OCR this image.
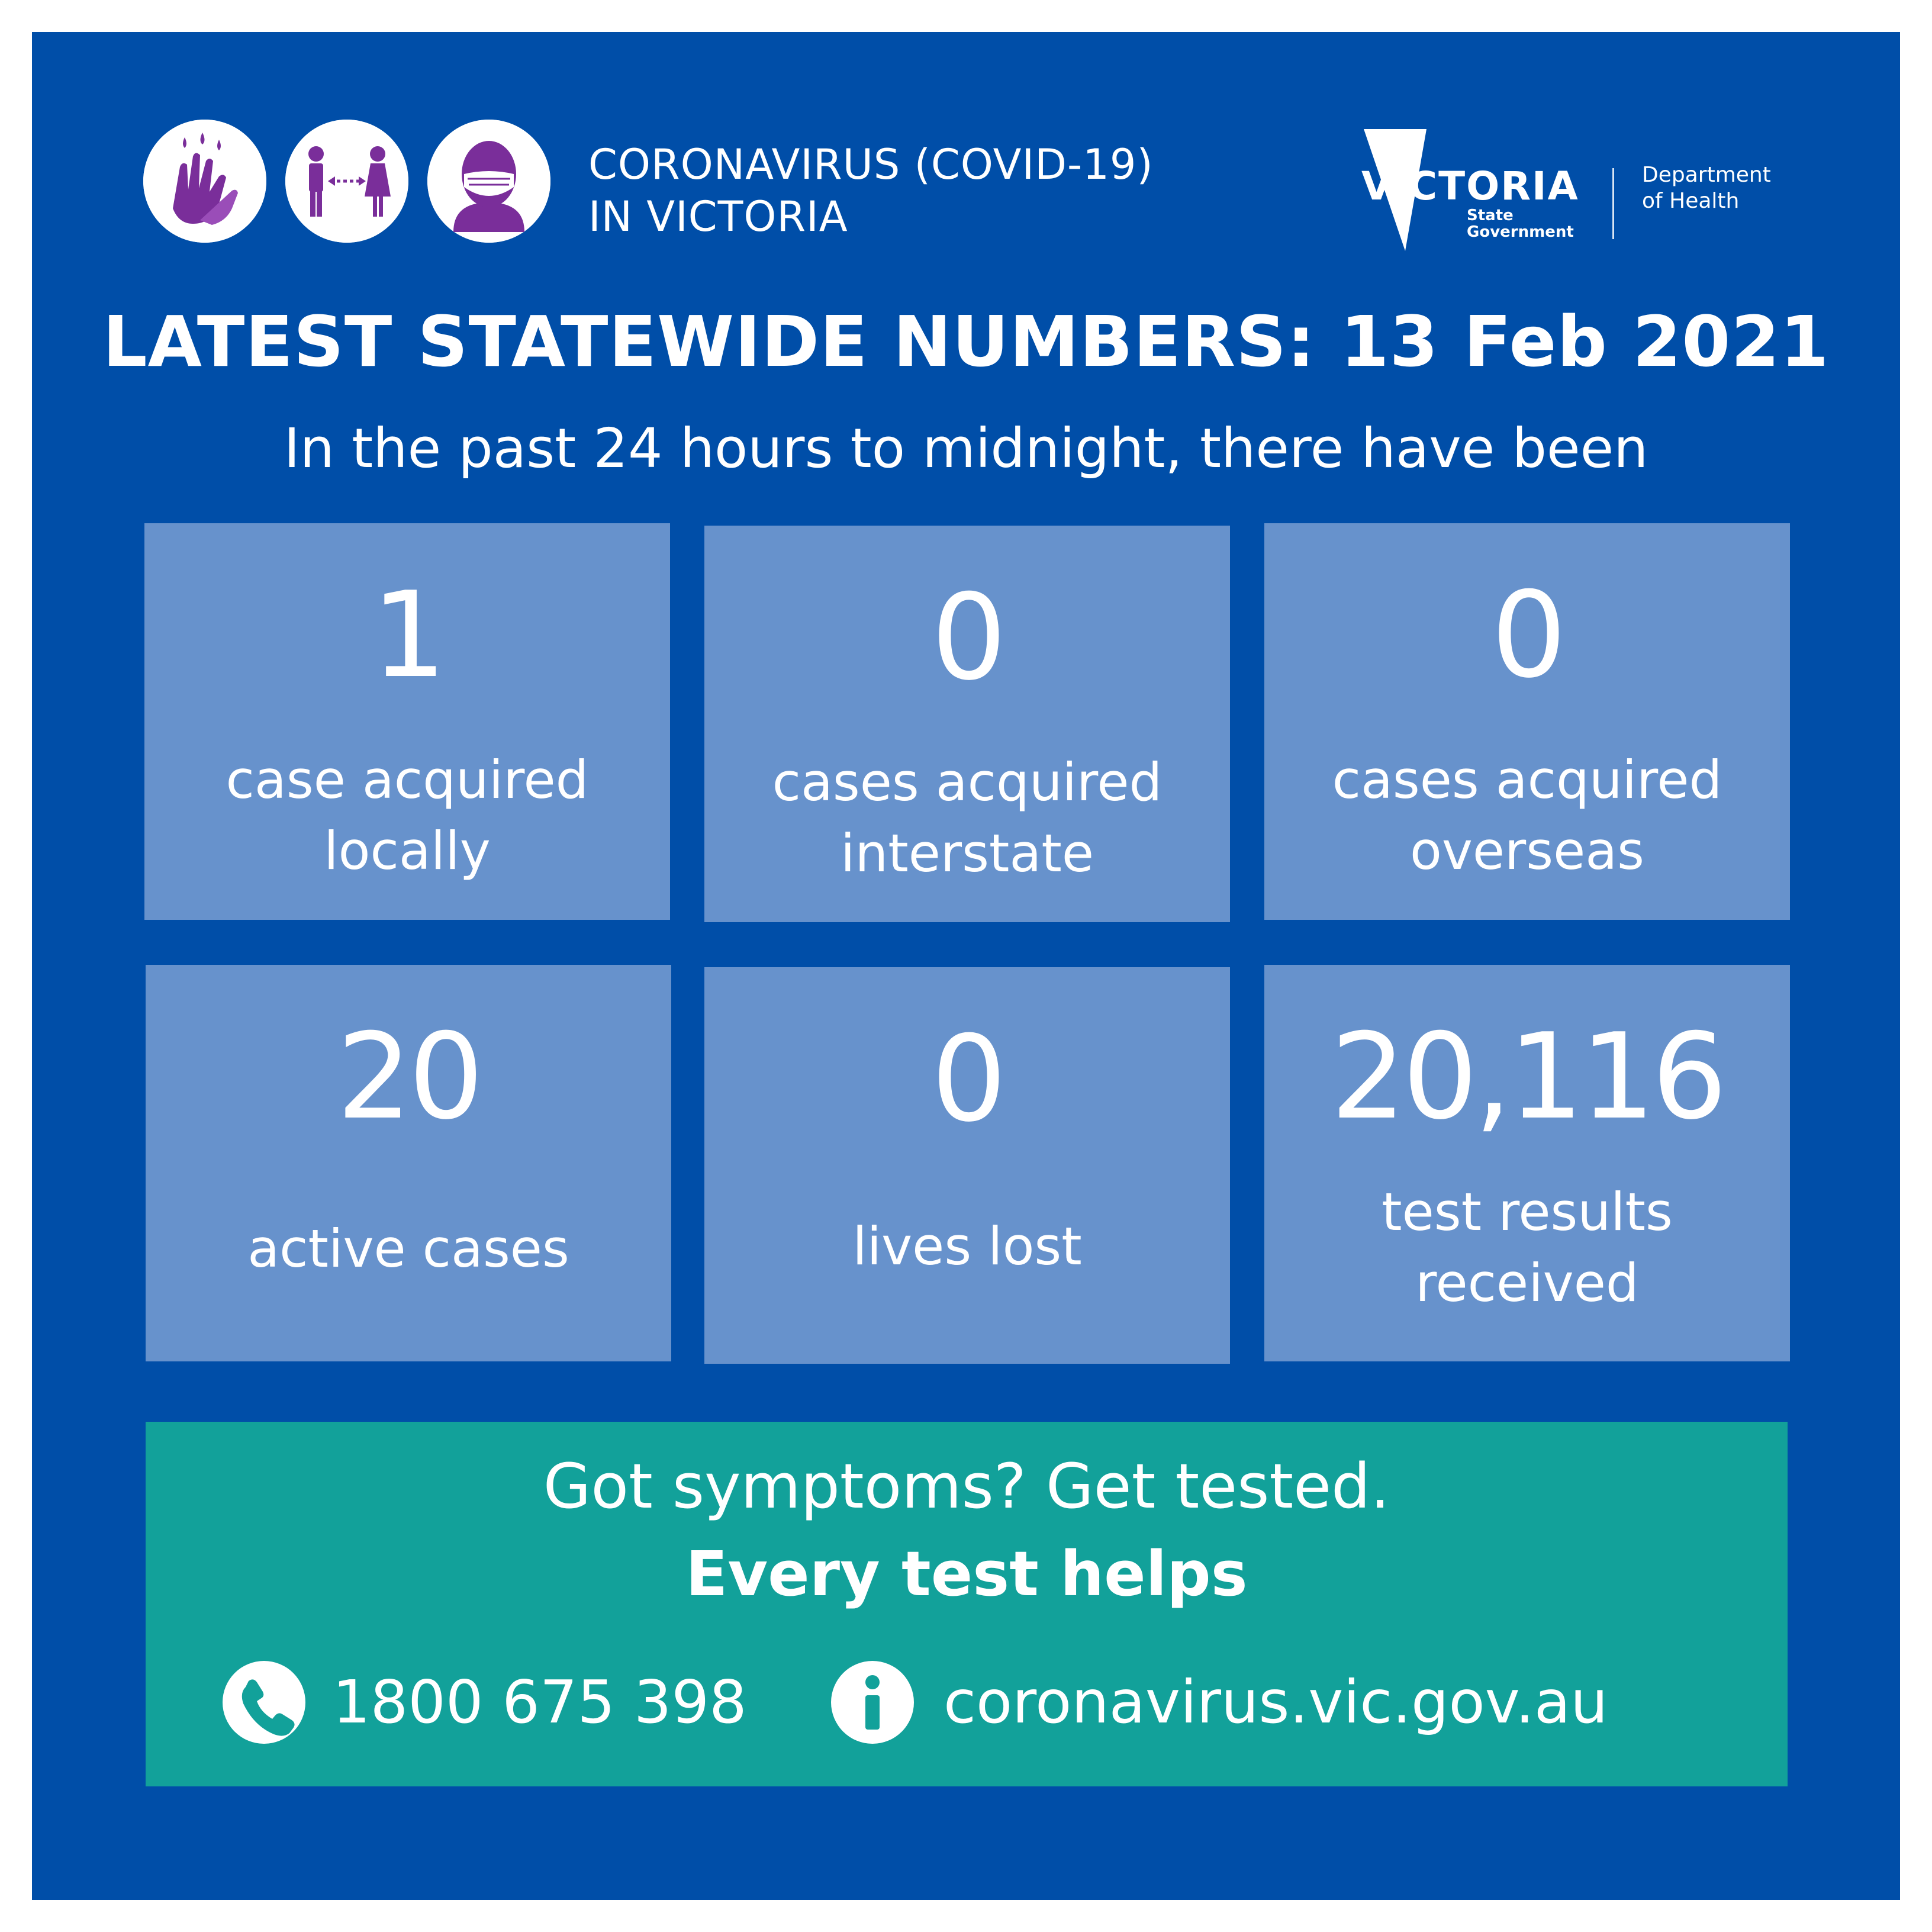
CORONAVIRUS (COVID-19)
IN VICTORIA
VICTORIA
State
Government
Department
of Health
LATEST STATEWIDE NUMBERS: 13 Feb 2021
In the past 24 hours to midnight, there have been
1
case acquired
locally
0
cases acquired
interstate
0
cases acquired
overseas
20
active cases
0
lives lost
20,116
test results
received
Got symptoms? Get tested.
Every test helps
1800 675 398	coronavirus.vic.gov.au
